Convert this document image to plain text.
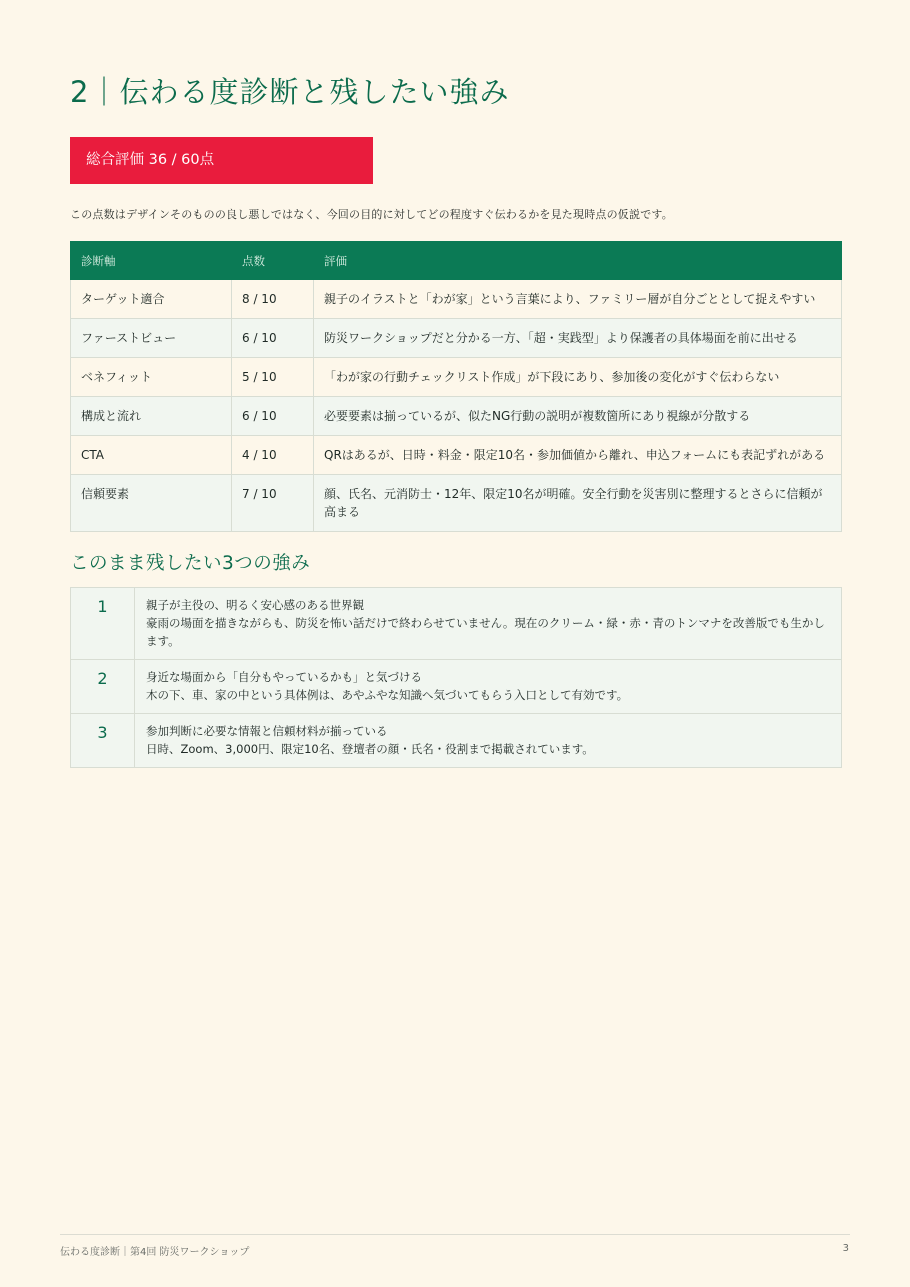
2｜伝わる度診断と残したい強み
総合評価 36 / 60点
この点数はデザインそのものの良し悪しではなく、今回の目的に対してどの程度すぐ伝わるかを見た現時点の仮説です。
診断軸	点数	評価
ターゲット適合	8 / 10	親子のイラストと「わが家」という言葉により、ファミリー層が自分ごととして捉えやすい
ファーストビュー	6 / 10	防災ワークショップだと分かる一方、「超・実践型」より保護者の具体場面を前に出せる
ベネフィット	5 / 10	「わが家の行動チェックリスト作成」が下段にあり、参加後の変化がすぐ伝わらない
構成と流れ	6 / 10	必要要素は揃っているが、似たNG行動の説明が複数箇所にあり視線が分散する
CTA	4 / 10	QRはあるが、日時・料金・限定10名・参加価値から離れ、申込フォームにも表記ずれがある
信頼要素	7 / 10	顔、氏名、元消防士・12年、限定10名が明確。安全行動を災害別に整理するとさらに信頼が高まる
このまま残したい3つの強み
1	親子が主役の、明るく安心感のある世界観
豪雨の場面を描きながらも、防災を怖い話だけで終わらせていません。現在のクリーム・緑・赤・青のトンマナを改善版でも生かします。

2	身近な場面から「自分もやっているかも」と気づける
木の下、車、家の中という具体例は、あやふやな知識へ気づいてもらう入口として有効です。

3	参加判断に必要な情報と信頼材料が揃っている
日時、Zoom、3,000円、限定10名、登壇者の顔・氏名・役割まで掲載されています。
伝わる度診断｜第4回 防災ワークショップ	3
